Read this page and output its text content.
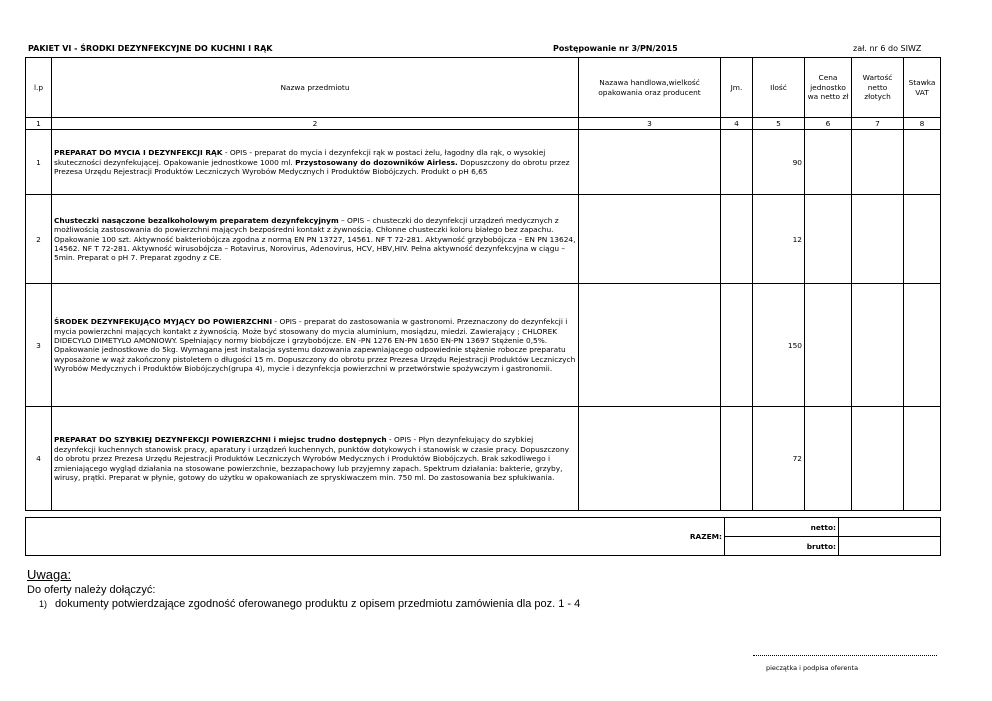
PAKIET VI - ŚRODKI DEZYNFEKCYJNE DO KUCHNI I RĄK	Postępowanie nr 3/PN/2015	zał. nr 6 do SIWZ
l.p	Nazwa przedmiotu	Nazawa handlowa,wielkość opakowania oraz producent	Jm.	Ilość	Cena jednostko wa netto zł	Wartość netto złotych	Stawka VAT
1	2	3	4	5	6	7	8
1	PREPARAT DO MYCIA I DEZYNFEKCJI RĄK - OPIS - preparat do mycia i dezynfekcji rąk w postaci żelu, łagodny dla rąk, o wysokiej skuteczności dezynfekującej. Opakowanie jednostkowe 1000 ml. Przystosowany do dozowników Airless. Dopuszczony do obrotu przez Prezesa Urzędu Rejestracji Produktów Leczniczych Wyrobów Medycznych i Produktów Biobójczych. Produkt o pH 6,65			90			
2	Chusteczki nasączone bezalkoholowym preparatem dezynfekcyjnym – OPIS – chusteczki do dezynfekcji urządzeń medycznych z możliwością zastosowania do powierzchni mających bezpośredni kontakt z żywnością. Chłonne chusteczki koloru białego bez zapachu. Opakowanie 100 szt. Aktywność bakteriobójcza zgodna z normą EN PN 13727, 14561. NF T 72-281. Aktywność grzybobójcza – EN PN 13624, 14562. NF T 72-281. Aktywność wirusobójcza – Rotavirus, Norovirus, Adenovirus, HCV, HBV,HIV. Pełna aktywność dezynfekcyjna w ciągu – 5min. Preparat o pH 7. Preparat zgodny z CE.			12			
3	ŚRODEK DEZYNFEKUJĄCO MYJĄCY DO POWIERZCHNI - OPIS - preparat do zastosowania w gastronomi. Przeznaczony do dezynfekcji i mycia powierzchni mających kontakt z żywnością. Może być stosowany do mycia aluminium, mosiądzu, miedzi. Zawierający ; CHLOREK DIDECYLO DIMETYLO AMONIOWY. Spełniający normy biobójcze i grzybobójcze. EN -PN 1276 EN-PN 1650 EN-PN 13697 Stężenie 0,5%. Opakowanie jednostkowe do 5kg. Wymagana jest instalacja systemu dozowania zapewniającego odpowiednie stężenie robocze preparatu wyposażone w wąż zakończony pistoletem o długości 15 m. Dopuszczony do obrotu przez Prezesa Urzędu Rejestracji Produktów Leczniczych Wyrobów Medycznych i Produktów Biobójczych(grupa 4), mycie i dezynfekcja powierzchni w przetwórstwie spożywczym i gastronomii.			150			
4	PREPARAT DO SZYBKIEJ DEZYNFEKCJI POWIERZCHNI i miejsc trudno dostępnych - OPIS - Płyn dezynfekujący do szybkiej dezynfekcji kuchennych stanowisk pracy, aparatury i urządzeń kuchennych, punktów dotykowych i stanowisk w czasie pracy. Dopuszczony do obrotu przez Prezesa Urzędu Rejestracji Produktów Leczniczych Wyrobów Medycznych i Produktów Biobójczych. Brak szkodliwego i zmieniającego wygląd działania na stosowane powierzchnie, bezzapachowy lub przyjemny zapach. Spektrum działania: bakterie, grzyby, wirusy, prątki. Preparat w płynie, gotowy do użytku w opakowaniach ze spryskiwaczem min. 750 ml. Do zastosowania bez spłukiwania.			72			
RAZEM:	netto:	
	brutto:	
Uwaga:
Do oferty należy dołączyć:
1) dokumenty potwierdzające zgodność oferowanego produktu z opisem przedmiotu zamówienia dla poz. 1 - 4
pieczątka i podpisa oferenta
